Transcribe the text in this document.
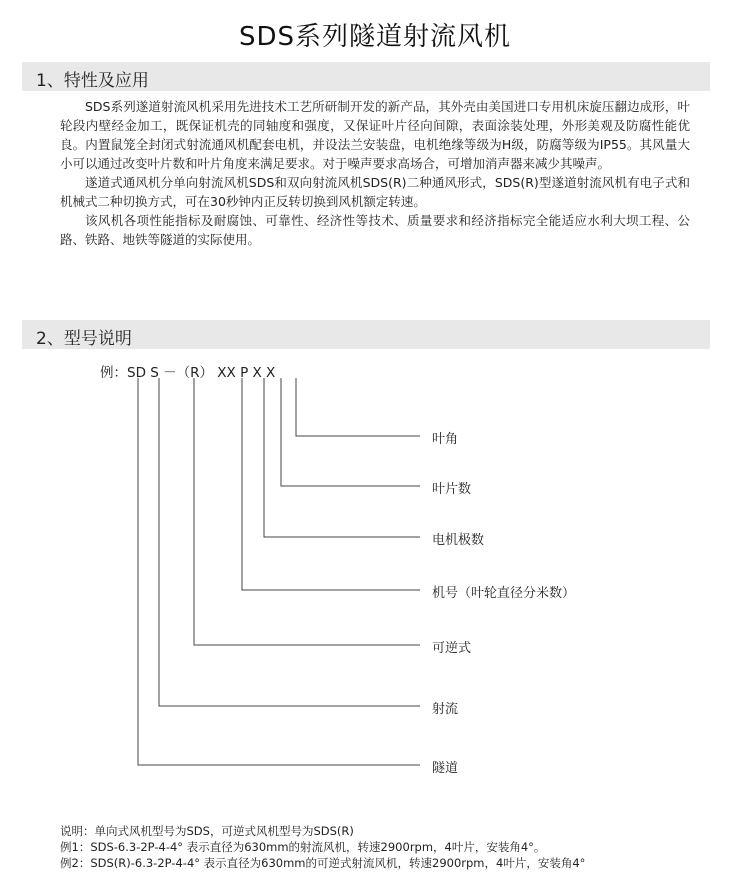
SDS系列隧道射流风机
1、特性及应用

SDS系列遂道射流风机采用先进技术工艺所研制开发的新产品，其外壳由美国进口专用机床旋压翻边成形，叶轮段内壁经金加工，既保证机壳的同轴度和强度，又保证叶片径向间隙，表面涂装处理，外形美观及防腐性能优良。内置鼠笼全封闭式射流通风机配套电机，并设法兰安装盘，电机绝缘等级为H级，防腐等级为IP55。其风量大小可以通过改变叶片数和叶片角度来满足要求。对于噪声要求高场合，可增加消声器来减少其噪声。

遂道式通风机分单向射流风机SDS和双向射流风机SDS(R)二种通风形式，SDS(R)型遂道射流风机有电子式和机械式二种切换方式，可在30秒钟内正反转切换到风机额定转速。

该风机各项性能指标及耐腐蚀、可靠性、经济性等技术、质量要求和经济指标完全能适应水利大坝工程、公路、铁路、地铁等隧道的实际使用。

2、型号说明
例：SD S －（R） XX P X X
叶角
叶片数
电机极数
机号（叶轮直径分米数）
可逆式
射流
隧道
说明：单向式风机型号为SDS，可逆式风机型号为SDS(R)
例1：SDS-6.3-2P-4-4° 表示直径为630mm的射流风机，转速2900rpm，4叶片，安装角4°。
例2：SDS(R)-6.3-2P-4-4° 表示直径为630mm的可逆式射流风机，转速2900rpm，4叶片，安装角4°
